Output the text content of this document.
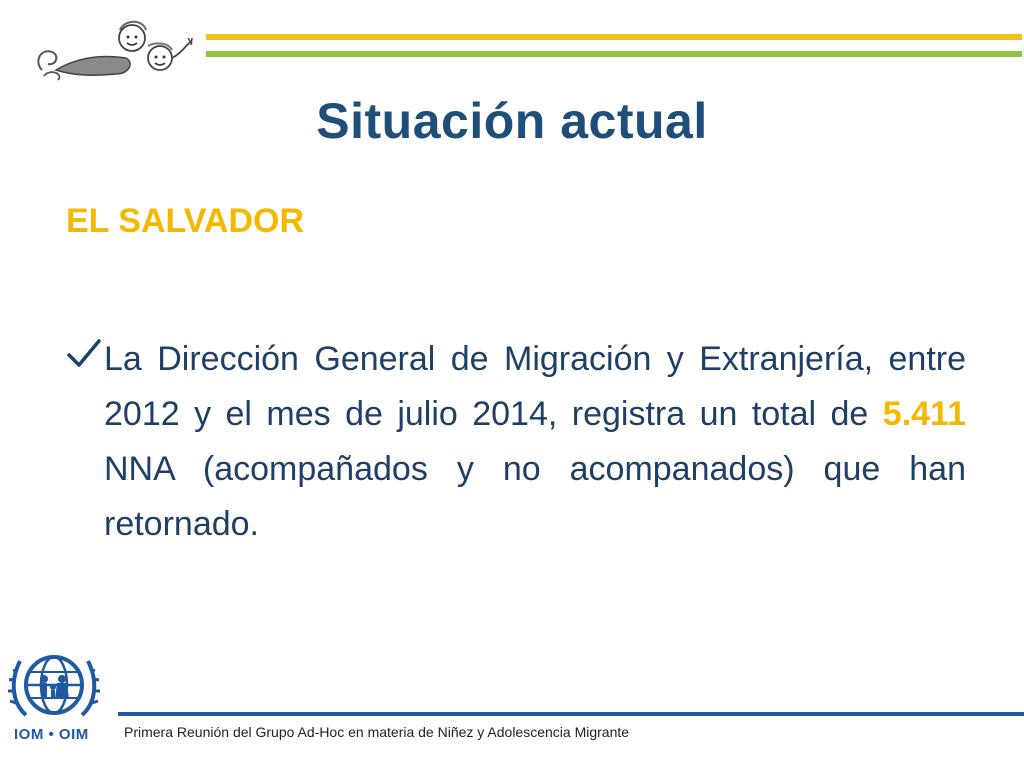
Situación actual
EL SALVADOR
La Dirección General de Migración y Extranjería, entre 2012 y el mes de julio 2014, registra un total de 5.411 NNA (acompañados y no acompanados) que han retornado.
IOM • OIM	Primera Reunión del Grupo Ad-Hoc en materia de Niñez y Adolescencia Migrante
